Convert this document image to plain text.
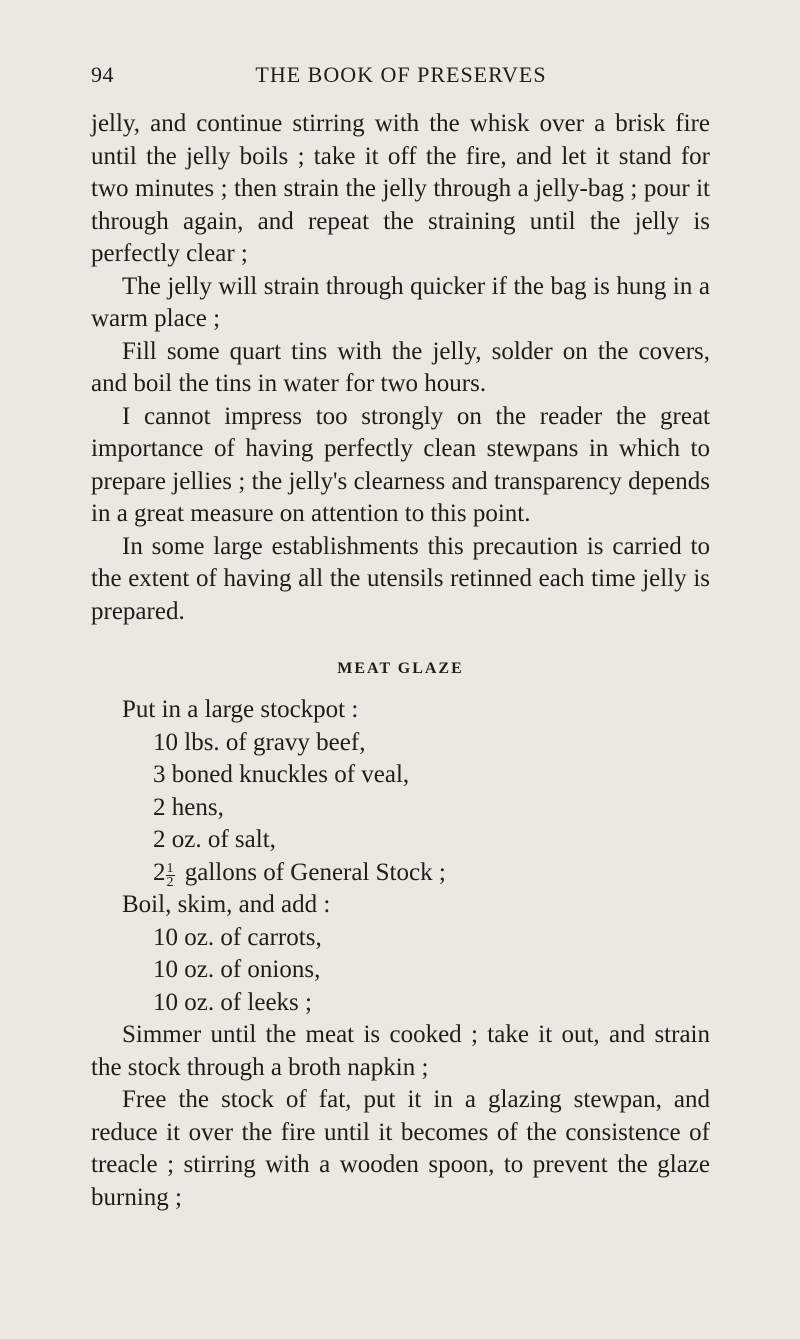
94	THE BOOK OF PRESERVES

jelly, and continue stirring with the whisk over a brisk fire until the jelly boils ; take it off the fire, and let it stand for two minutes ; then strain the jelly through a jelly-bag ; pour it through again, and repeat the straining until the jelly is perfectly clear ;

The jelly will strain through quicker if the bag is hung in a warm place ;

Fill some quart tins with the jelly, solder on the covers, and boil the tins in water for two hours.

I cannot impress too strongly on the reader the great importance of having perfectly clean stewpans in which to prepare jellies ; the jelly's clearness and transparency depends in a great measure on attention to this point.

In some large establishments this precaution is carried to the extent of having all the utensils retinned each time jelly is prepared.

MEAT GLAZE

Put in a large stockpot :

10 lbs. of gravy beef,

3 boned knuckles of veal,

2 hens,

2 oz. of salt,

$2 \frac{1}{2}$ gallons of General Stock ;

Boil, skim, and add :

10 oz. of carrots,

10 oz. of onions,

10 oz. of leeks ;

Simmer until the meat is cooked ; take it out, and strain the stock through a broth napkin ;

Free the stock of fat, put it in a glazing stewpan, and reduce it over the fire until it becomes of the consistence of treacle ; stirring with a wooden spoon, to prevent the glaze burning ;
